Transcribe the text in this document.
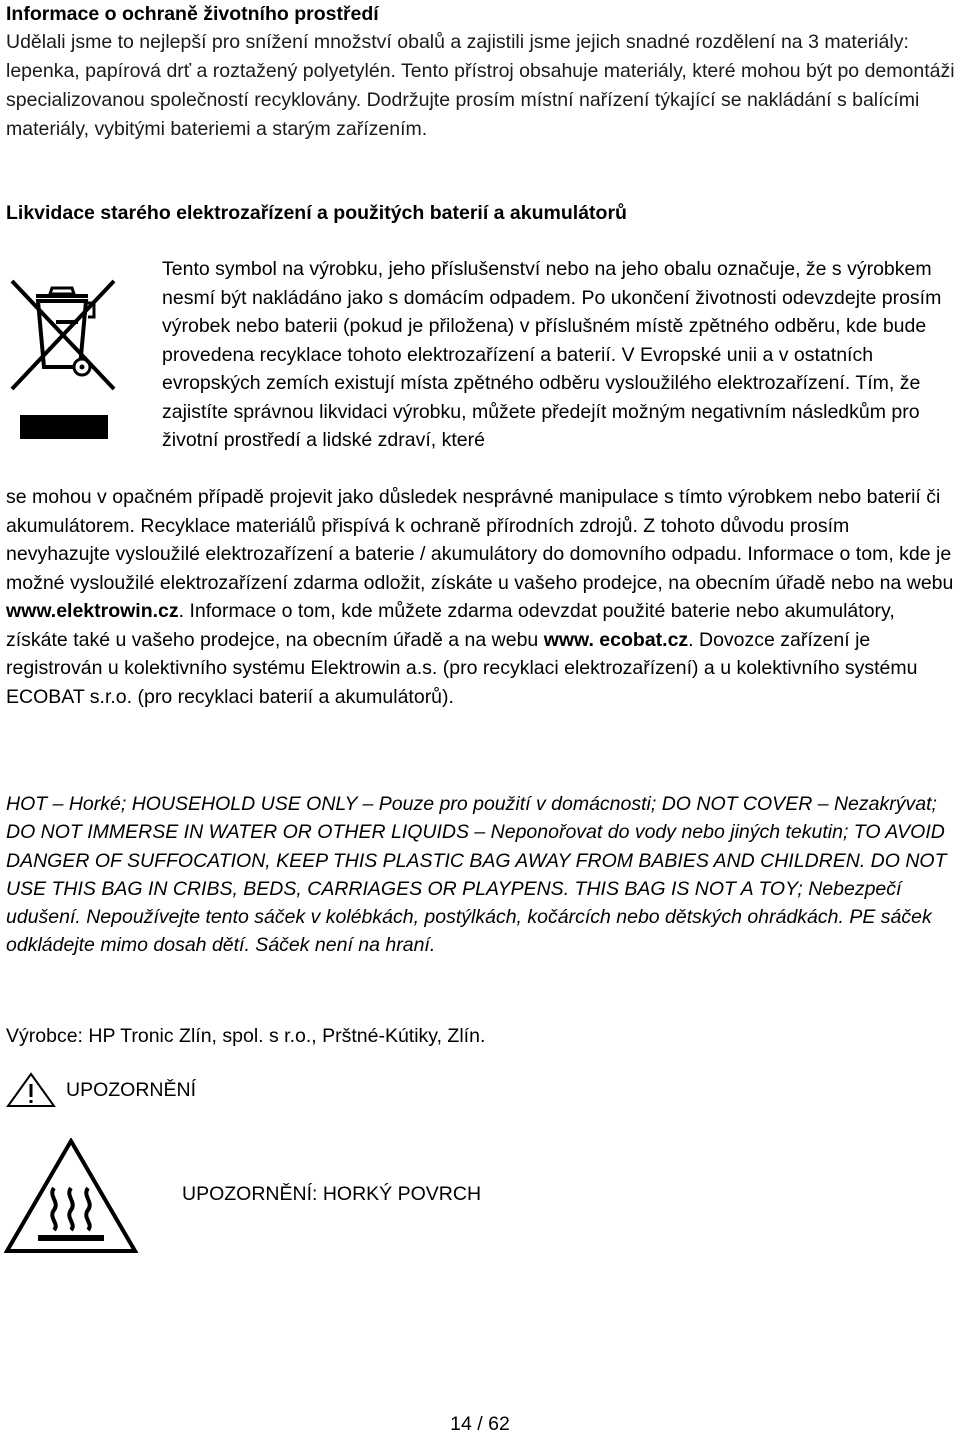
Informace o ochraně životního prostředí
Udělali jsme to nejlepší pro snížení množství obalů a zajistili jsme jejich snadné rozdělení na 3 materiály: lepenka, papírová drť a roztažený polyetylén. Tento přístroj obsahuje materiály, které mohou být po demontáži specializovanou společností recyklovány. Dodržujte prosím místní nařízení týkající se nakládání s balícími materiály, vybitými bateriemi a starým zařízením.
Likvidace starého elektrozařízení a použitých baterií a akumulátorů
Tento symbol na výrobku, jeho příslušenství nebo na jeho obalu označuje, že s výrobkem nesmí být nakládáno jako s domácím odpadem. Po ukončení životnosti odevzdejte prosím výrobek nebo baterii (pokud je přiložena) v příslušném místě zpětného odběru, kde bude provedena recyklace tohoto elektrozařízení a baterií. V Evropské unii a v ostatních evropských zemích existují místa zpětného odběru vysloužilého elektrozařízení. Tím, že zajistíte správnou likvidaci výrobku, můžete předejít možným negativním následkům pro životní prostředí a lidské zdraví, které
se mohou v opačném případě projevit jako důsledek nesprávné manipulace s tímto výrobkem nebo baterií či akumulátorem. Recyklace materiálů přispívá k ochraně přírodních zdrojů. Z tohoto důvodu prosím nevyhazujte vysloužilé elektrozařízení a baterie / akumulátory do domovního odpadu. Informace o tom, kde je možné vysloužilé elektrozařízení zdarma odložit, získáte u vašeho prodejce, na obecním úřadě nebo na webu www.elektrowin.cz. Informace o tom, kde můžete zdarma odevzdat použité baterie nebo akumulátory, získáte také u vašeho prodejce, na obecním úřadě a na webu www. ecobat.cz. Dovozce zařízení je registrován u kolektivního systému Elektrowin a.s. (pro recyklaci elektrozařízení) a u kolektivního systému ECOBAT s.r.o. (pro recyklaci baterií a akumulátorů).
HOT – Horké; HOUSEHOLD USE ONLY – Pouze pro použití v domácnosti; DO NOT COVER – Nezakrývat; DO NOT IMMERSE IN WATER OR OTHER LIQUIDS – Neponořovat do vody nebo jiných tekutin; TO AVOID DANGER OF SUFFOCATION, KEEP THIS PLASTIC BAG AWAY FROM BABIES AND CHILDREN. DO NOT USE THIS BAG IN CRIBS, BEDS, CARRIAGES OR PLAYPENS. THIS BAG IS NOT A TOY; Nebezpečí udušení. Nepoužívejte tento sáček v kolébkách, postýlkách, kočárcích nebo dětských ohrádkách. PE sáček odkládejte mimo dosah dětí. Sáček není na hraní.
Výrobce: HP Tronic Zlín, spol. s r.o., Prštné-Kútiky, Zlín.
UPOZORNĚNÍ
UPOZORNĚNÍ: HORKÝ POVRCH
14 / 62
